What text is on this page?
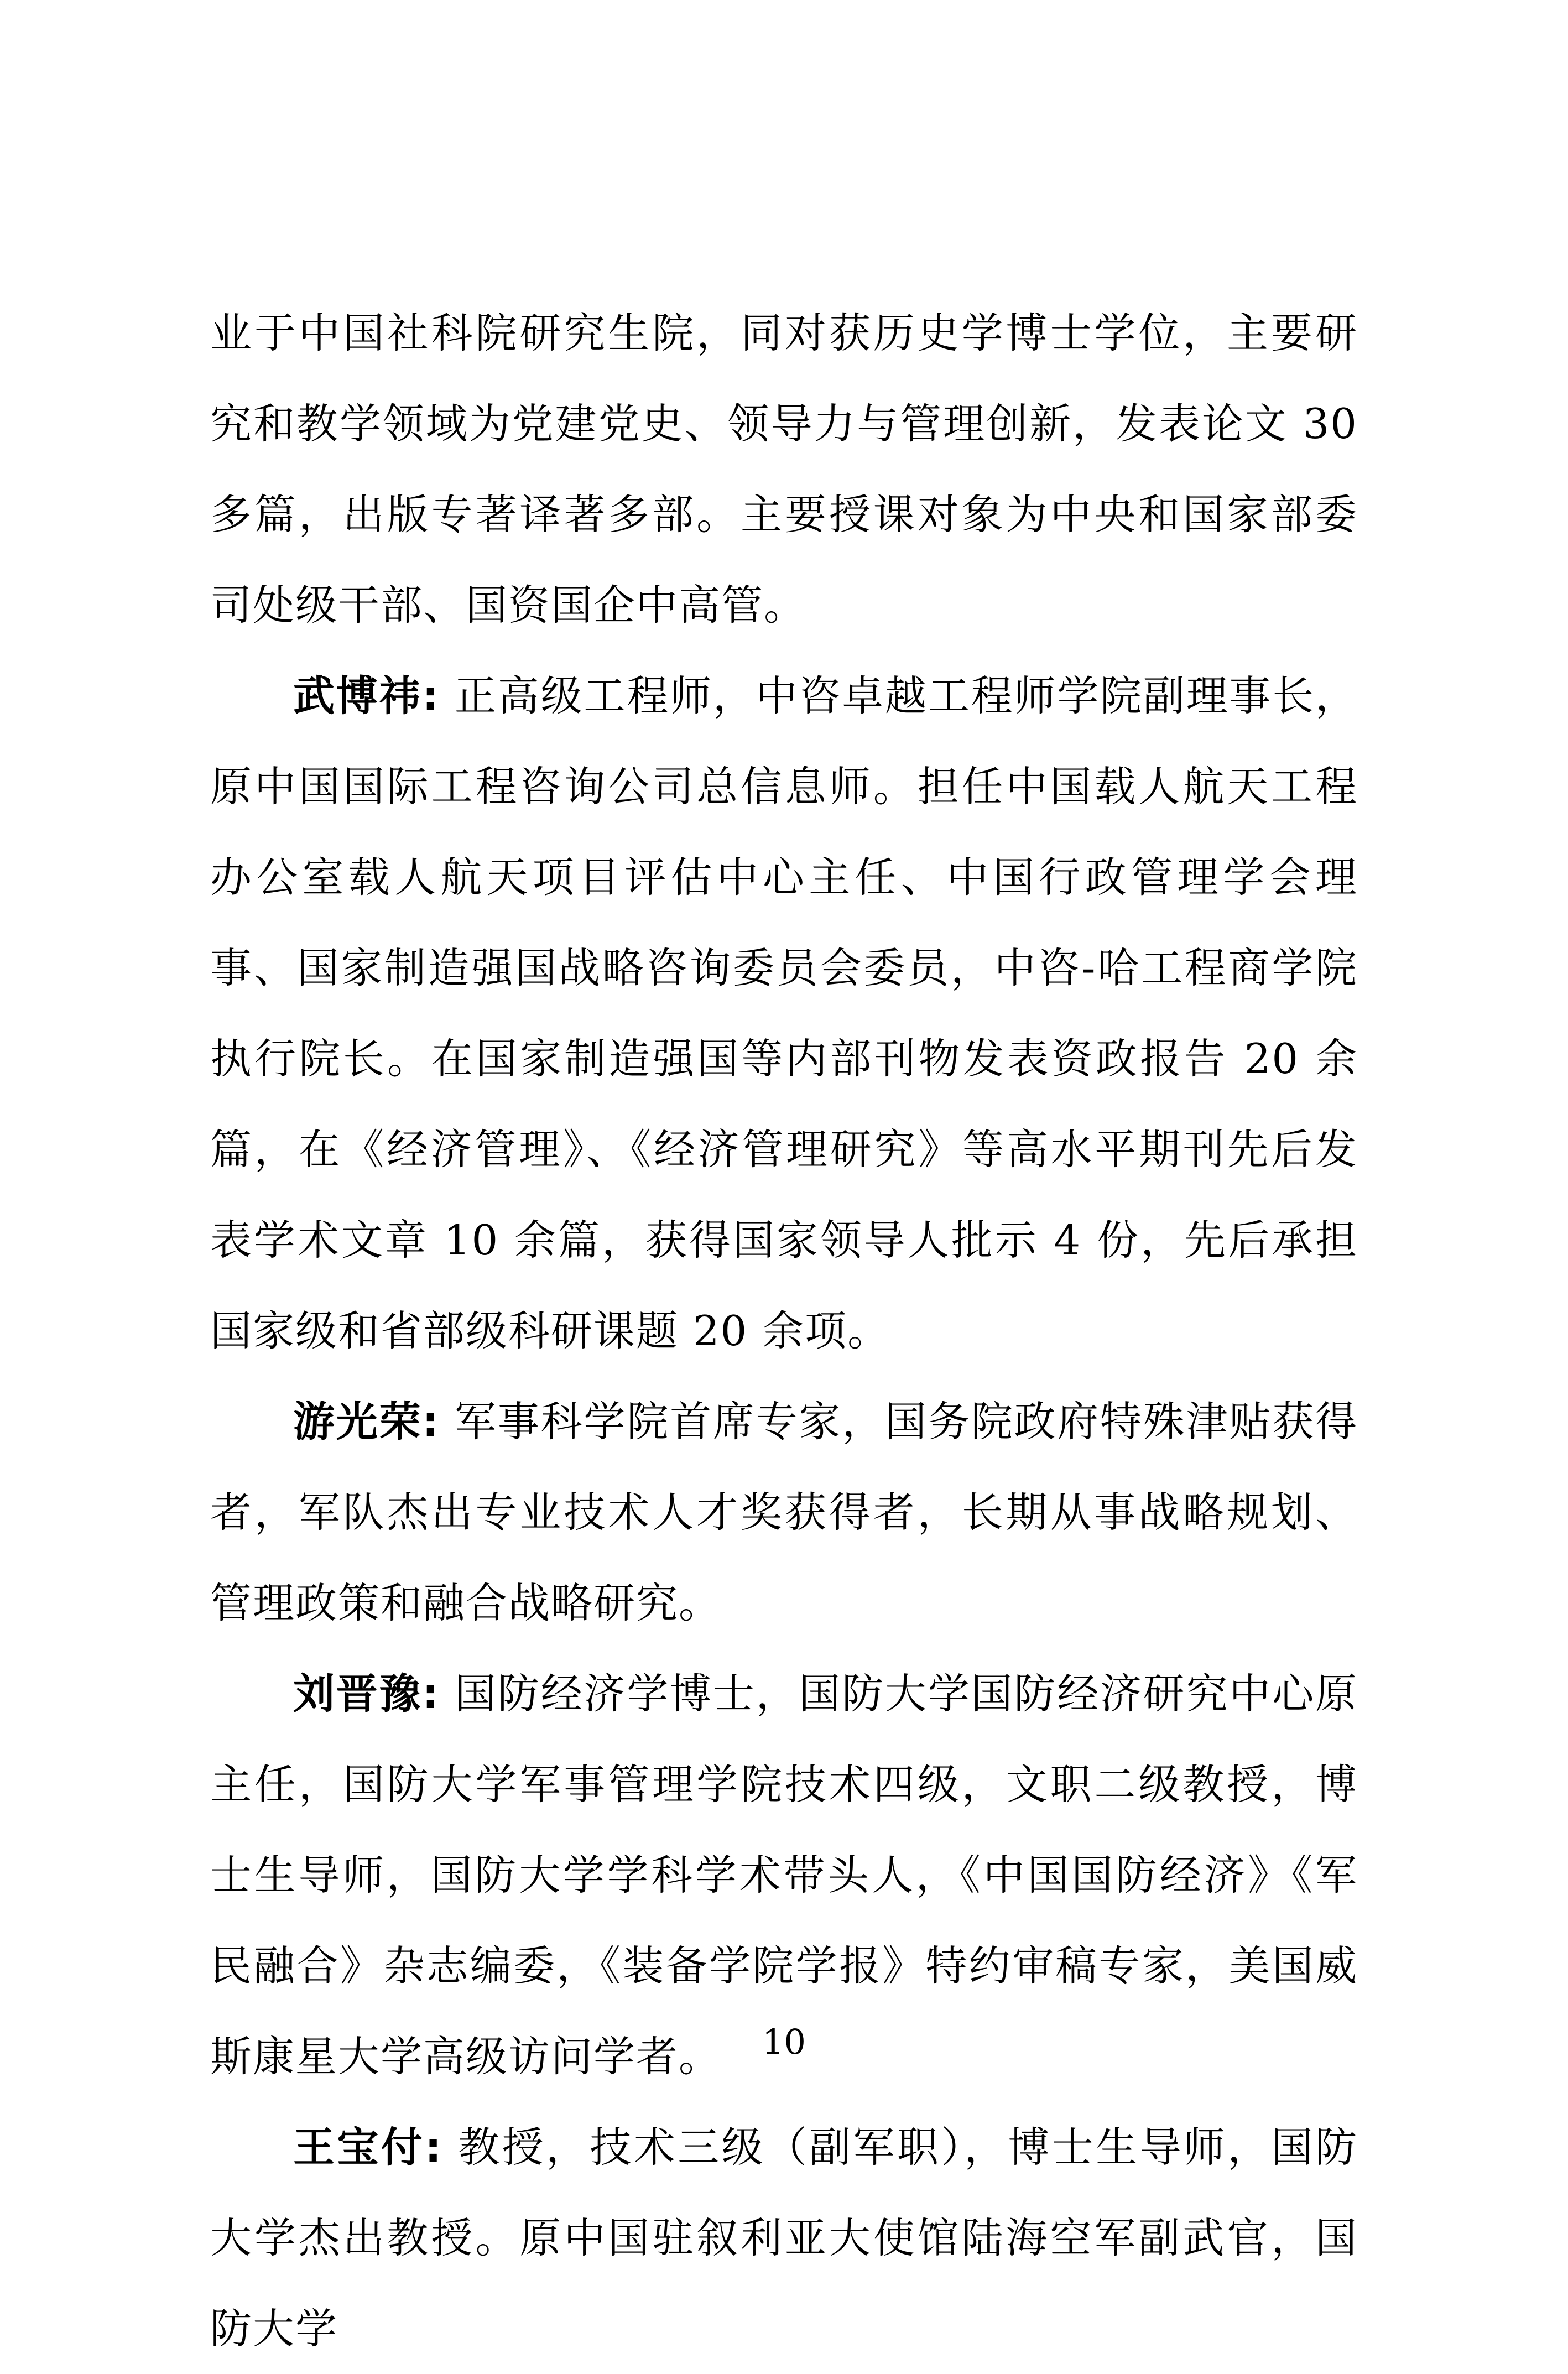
业于中国社科院研究生院，同对获历史学博士学位，主要研究和教学领域为党建党史、领导力与管理创新，发表论文 30 多篇，出版专著译著多部。主要授课对象为中央和国家部委司处级干部、国资国企中高管。

武博祎: 正高级工程师，中咨卓越工程师学院副理事长，原中国国际工程咨询公司总信息师。担任中国载人航天工程办公室载人航天项目评估中心主任、中国行政管理学会理事、国家制造强国战略咨询委员会委员，中咨-哈工程商学院执行院长。在国家制造强国等内部刊物发表资政报告 20 余篇，在《经济管理》、《经济管理研究》等高水平期刊先后发表学术文章 10 余篇，获得国家领导人批示 4 份，先后承担国家级和省部级科研课题 20 余项。

游光荣: 军事科学院首席专家，国务院政府特殊津贴获得者，军队杰出专业技术人才奖获得者，长期从事战略规划、管理政策和融合战略研究。

刘晋豫: 国防经济学博士，国防大学国防经济研究中心原主任，国防大学军事管理学院技术四级，文职二级教授，博士生导师，国防大学学科学术带头人，《中国国防经济》《军民融合》杂志编委，《装备学院学报》特约审稿专家，美国威斯康星大学高级访问学者。

王宝付: 教授，技术三级（副军职），博士生导师，国防大学杰出教授。原中国驻叙利亚大使馆陆海空军副武官，国防大学

10
